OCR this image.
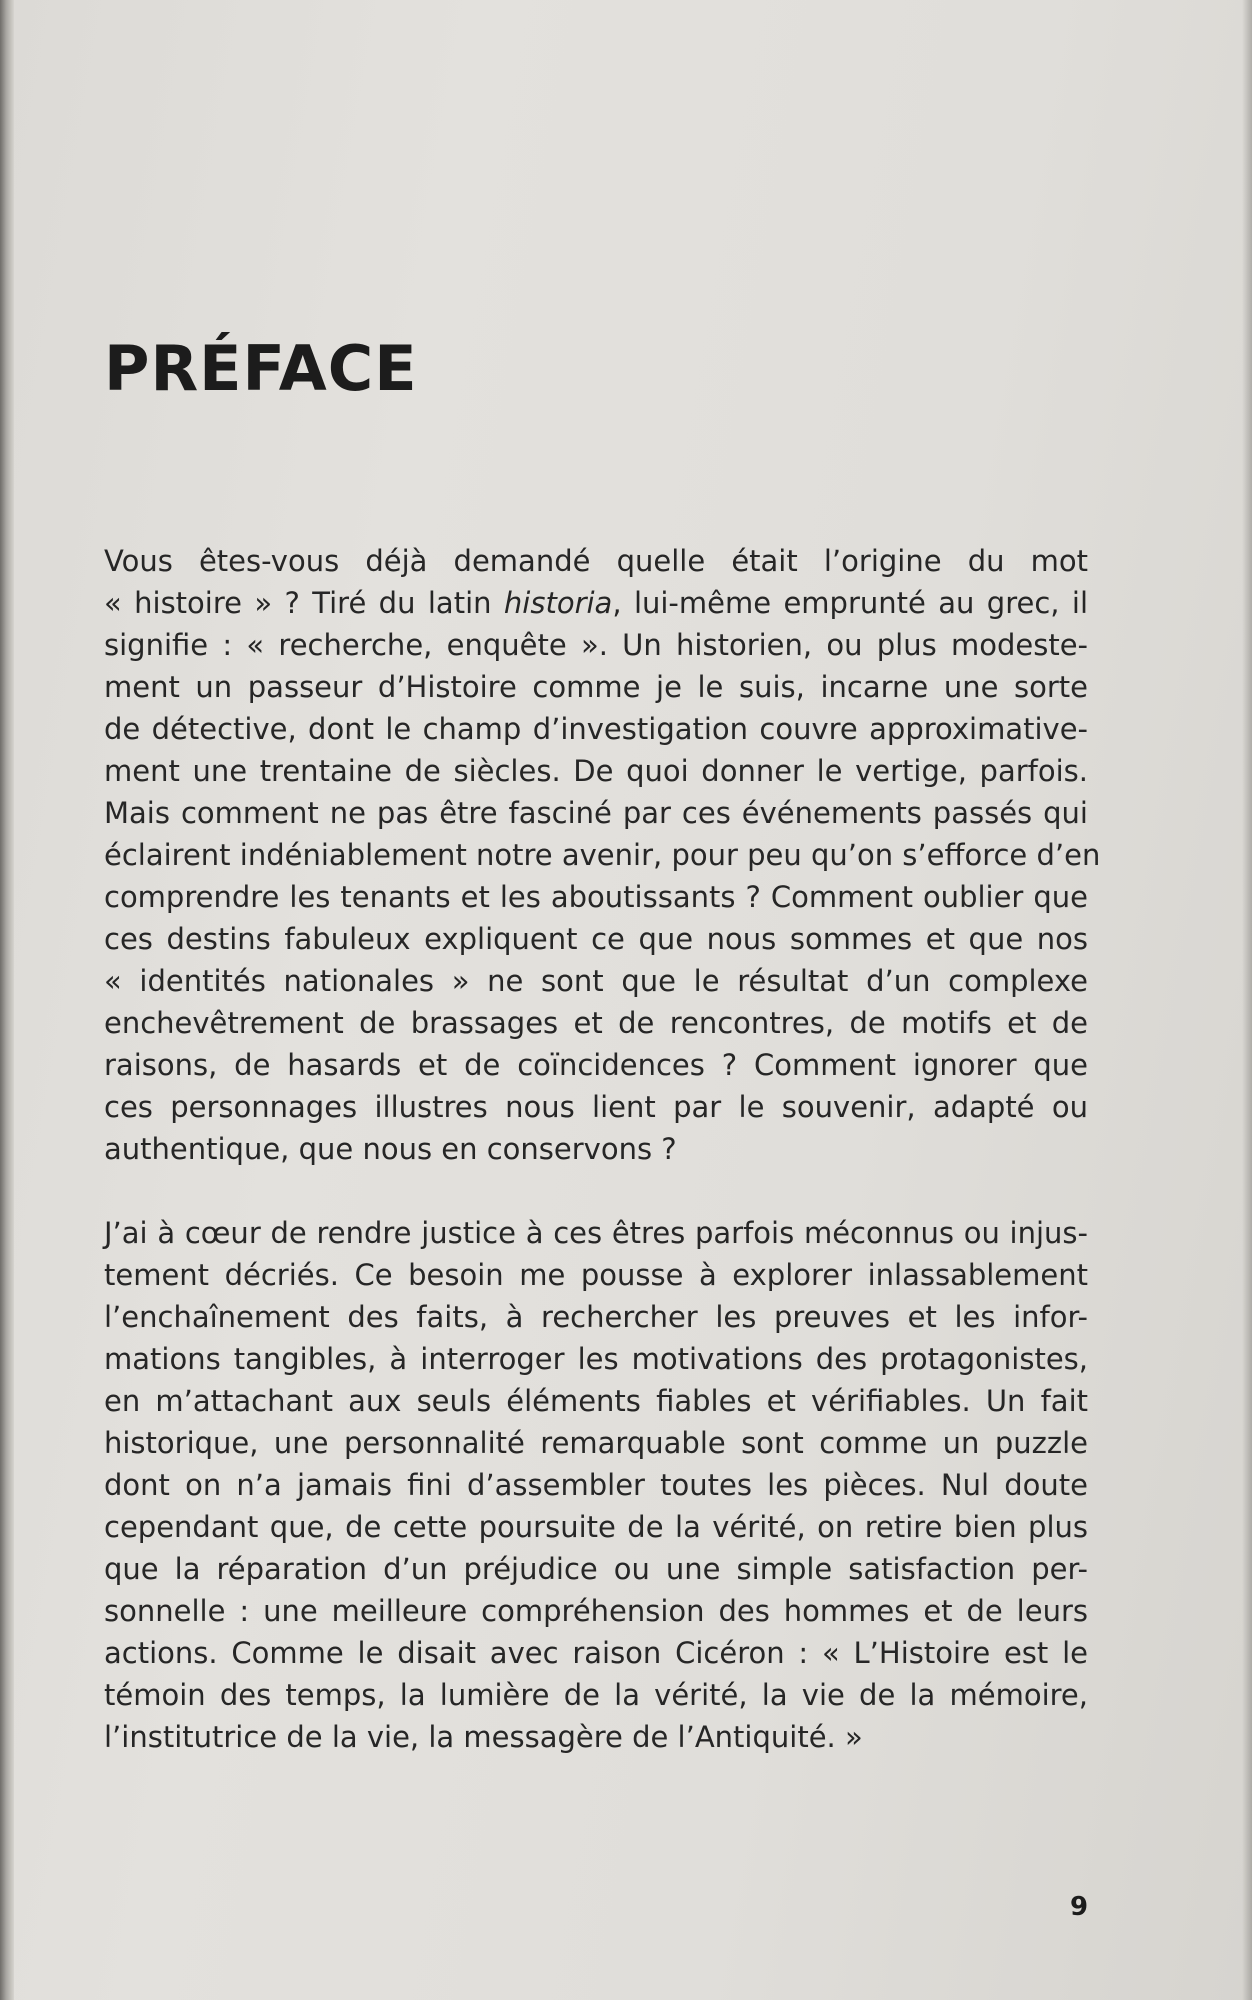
PRÉFACE

Vous êtes-vous déjà demandé quelle était l’origine du mot
« histoire » ? Tiré du latin historia, lui-même emprunté au grec, il
signifie : « recherche, enquête ». Un historien, ou plus modeste-
ment un passeur d’Histoire comme je le suis, incarne une sorte
de détective, dont le champ d’investigation couvre approximative-
ment une trentaine de siècles. De quoi donner le vertige, parfois.
Mais comment ne pas être fasciné par ces événements passés qui
éclairent indéniablement notre avenir, pour peu qu’on s’efforce d’en
comprendre les tenants et les aboutissants ? Comment oublier que
ces destins fabuleux expliquent ce que nous sommes et que nos
« identités nationales » ne sont que le résultat d’un complexe
enchevêtrement de brassages et de rencontres, de motifs et de
raisons, de hasards et de coïncidences ? Comment ignorer que
ces personnages illustres nous lient par le souvenir, adapté ou
authentique, que nous en conservons ?

J’ai à cœur de rendre justice à ces êtres parfois méconnus ou injus-
tement décriés. Ce besoin me pousse à explorer inlassablement
l’enchaînement des faits, à rechercher les preuves et les infor-
mations tangibles, à interroger les motivations des protagonistes,
en m’attachant aux seuls éléments fiables et vérifiables. Un fait
historique, une personnalité remarquable sont comme un puzzle
dont on n’a jamais fini d’assembler toutes les pièces. Nul doute
cependant que, de cette poursuite de la vérité, on retire bien plus
que la réparation d’un préjudice ou une simple satisfaction per-
sonnelle : une meilleure compréhension des hommes et de leurs
actions. Comme le disait avec raison Cicéron : « L’Histoire est le
témoin des temps, la lumière de la vérité, la vie de la mémoire,
l’institutrice de la vie, la messagère de l’Antiquité. »

9
